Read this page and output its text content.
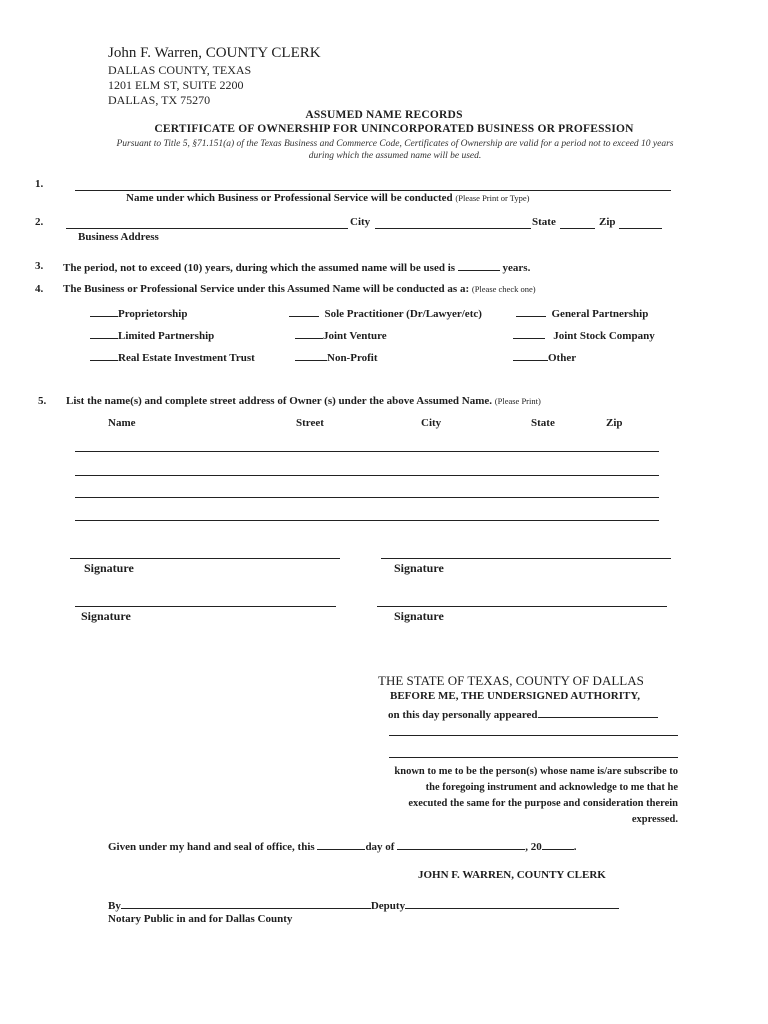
John F. Warren, COUNTY CLERK
DALLAS COUNTY, TEXAS
1201 ELM ST, SUITE 2200
DALLAS, TX 75270
ASSUMED NAME RECORDS
CERTIFICATE OF OWNERSHIP FOR UNINCORPORATED BUSINESS OR PROFESSION
Pursuant to Title 5, §71.151(a) of the Texas Business and Commerce Code, Certificates of Ownership are valid for a period not to exceed 10 years during which the assumed name will be used.
1.
Name under which Business or Professional Service will be conducted (Please Print or Type)
2.	City	State	Zip
Business Address
3. The period, not to exceed (10) years, during which the assumed name will be used is	years.
4. The Business or Professional Service under this Assumed Name will be conducted as a: (Please check one)
Proprietorship	Sole Practitioner (Dr/Lawyer/etc)	General Partnership
Limited Partnership	Joint Venture	Joint Stock Company
Real Estate Investment Trust	Non-Profit	Other
5. List the name(s) and complete street address of Owner (s) under the above Assumed Name. (Please Print)
Name	Street	City	State	Zip
Signature	Signature
Signature	Signature
THE STATE OF TEXAS, COUNTY OF DALLAS
BEFORE ME, THE UNDERSIGNED AUTHORITY,
on this day personally appeared
known to me to be the person(s) whose name is/are subscribe to the foregoing instrument and acknowledge to me that he executed the same for the purpose and consideration therein expressed.
Given under my hand and seal of office, this	day of	, 20	.
JOHN F. WARREN, COUNTY CLERK
By	Deputy
Notary Public in and for Dallas County
